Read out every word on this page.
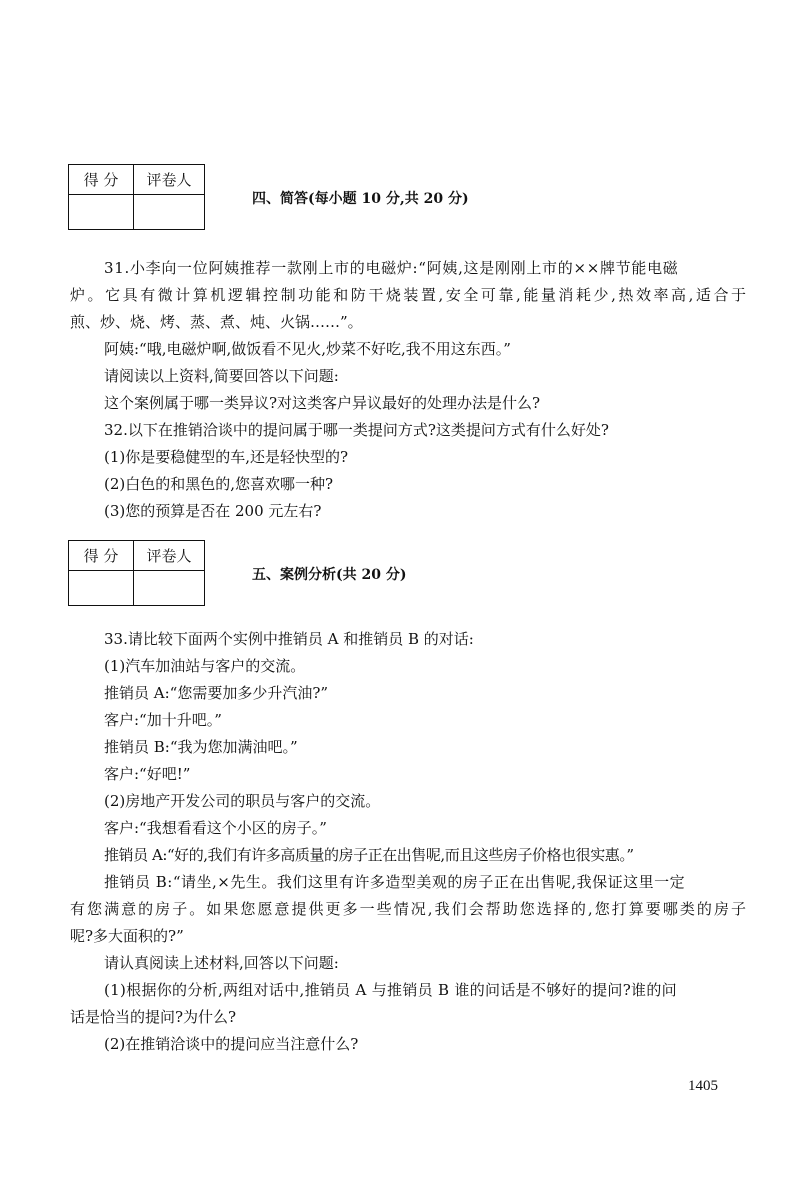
得 分	评卷人

四、简答(每小题 10 分,共 20 分)
31.小李向一位阿姨推荐一款刚上市的电磁炉:“阿姨,这是刚刚上市的××牌节能电磁
炉。它具有微计算机逻辑控制功能和防干烧装置,安全可靠,能量消耗少,热效率高,适合于
煎、炒、烧、烤、蒸、煮、炖、火锅……”。
阿姨:“哦,电磁炉啊,做饭看不见火,炒菜不好吃,我不用这东西。”
请阅读以上资料,简要回答以下问题:
这个案例属于哪一类异议?对这类客户异议最好的处理办法是什么?
32.以下在推销洽谈中的提问属于哪一类提问方式?这类提问方式有什么好处?
(1)你是要稳健型的车,还是轻快型的?
(2)白色的和黑色的,您喜欢哪一种?
(3)您的预算是否在 200 元左右?
得 分	评卷人

五、案例分析(共 20 分)
33.请比较下面两个实例中推销员 A 和推销员 B 的对话:
(1)汽车加油站与客户的交流。
推销员 A:“您需要加多少升汽油?”
客户:“加十升吧。”
推销员 B:“我为您加满油吧。”
客户:“好吧!”
(2)房地产开发公司的职员与客户的交流。
客户:“我想看看这个小区的房子。”
推销员 A:“好的,我们有许多高质量的房子正在出售呢,而且这些房子价格也很实惠。”
推销员 B:“请坐,×先生。我们这里有许多造型美观的房子正在出售呢,我保证这里一定
有您满意的房子。如果您愿意提供更多一些情况,我们会帮助您选择的,您打算要哪类的房子
呢?多大面积的?”
请认真阅读上述材料,回答以下问题:
(1)根据你的分析,两组对话中,推销员 A 与推销员 B 谁的问话是不够好的提问?谁的问
话是恰当的提问?为什么?
(2)在推销洽谈中的提问应当注意什么?
1405
